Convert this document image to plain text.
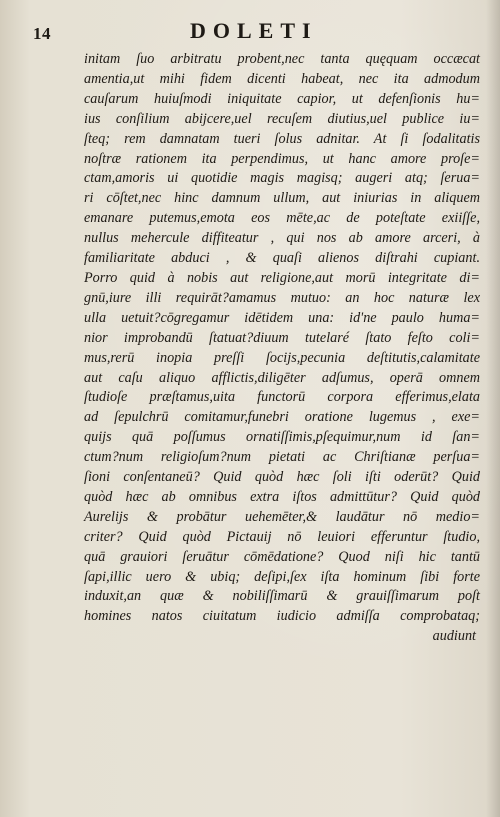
14	DOLETI
initam ſuo arbitratu probent,nec tanta quęquam occæcat
amentia,ut mihi fidem dicenti habeat, nec ita admodum
cauſarum huiuſmodi iniquitate capior, ut defenſionis hu=
ius conſilium abijcere,uel recuſem diutius,uel publice iu=
ſteq; rem damnatam tueri ſolus adnitar. At ſi ſodalitatis
noſtræ rationem ita perpendimus, ut hanc amore proſe=
ctam,amoris ui quotidie magis magisq; augeri atq; ſerua=
ri cōſtet,nec hinc damnum ullum, aut iniurias in aliquem
emanare putemus,emota eos mēte,ac de poteſtate exiiſſe,
nullus mehercule diffiteatur , qui nos ab amore arceri, à
familiaritate abduci , & quaſi alienos diſtrahi cupiant.
Porro quid à nobis aut religione,aut morū integritate di=
gnū,iure illi requirāt?amamus mutuo: an hoc naturæ lex
ulla uetuit?cōgregamur idētidem una: id'ne paulo huma=
nior improbandū ſtatuat?diuum tutelaré ſtato feſto coli=
mus,rerū inopia preſſi ſocijs,pecunia deſtitutis,calamitate
aut caſu aliquo afflictis,diligēter adſumus, operā omnem
ſtudioſe præſtamus,uita functorū corpora efferimus,elata
ad ſepulchrū comitamur,funebri oratione lugemus , exe=
quijs quā poſſumus ornatiſſimis,pſequimur,num id ſan=
ctum?num religioſum?num pietati ac Chriſtianæ perſua=
ſioni conſentaneū? Quid quòd hæc ſoli iſti oderūt? Quid
quòd hæc ab omnibus extra iſtos admittūtur? Quid quòd
Aurelijs & probātur uehemēter,& laudātur nō medio=
criter? Quid quòd Pictauij nō leuiori efferuntur ſtudio,
quā grauiori ſeruātur cōmēdatione? Quod niſi hic tantū
ſapi,illic uero & ubiq; deſipi,ſex iſta hominum ſibi forte
induxit,an quæ & nobiliſſimarū & grauiſſimarum poſt
homines natos ciuitatum iudicio admiſſa comprobataq;
audiunt
